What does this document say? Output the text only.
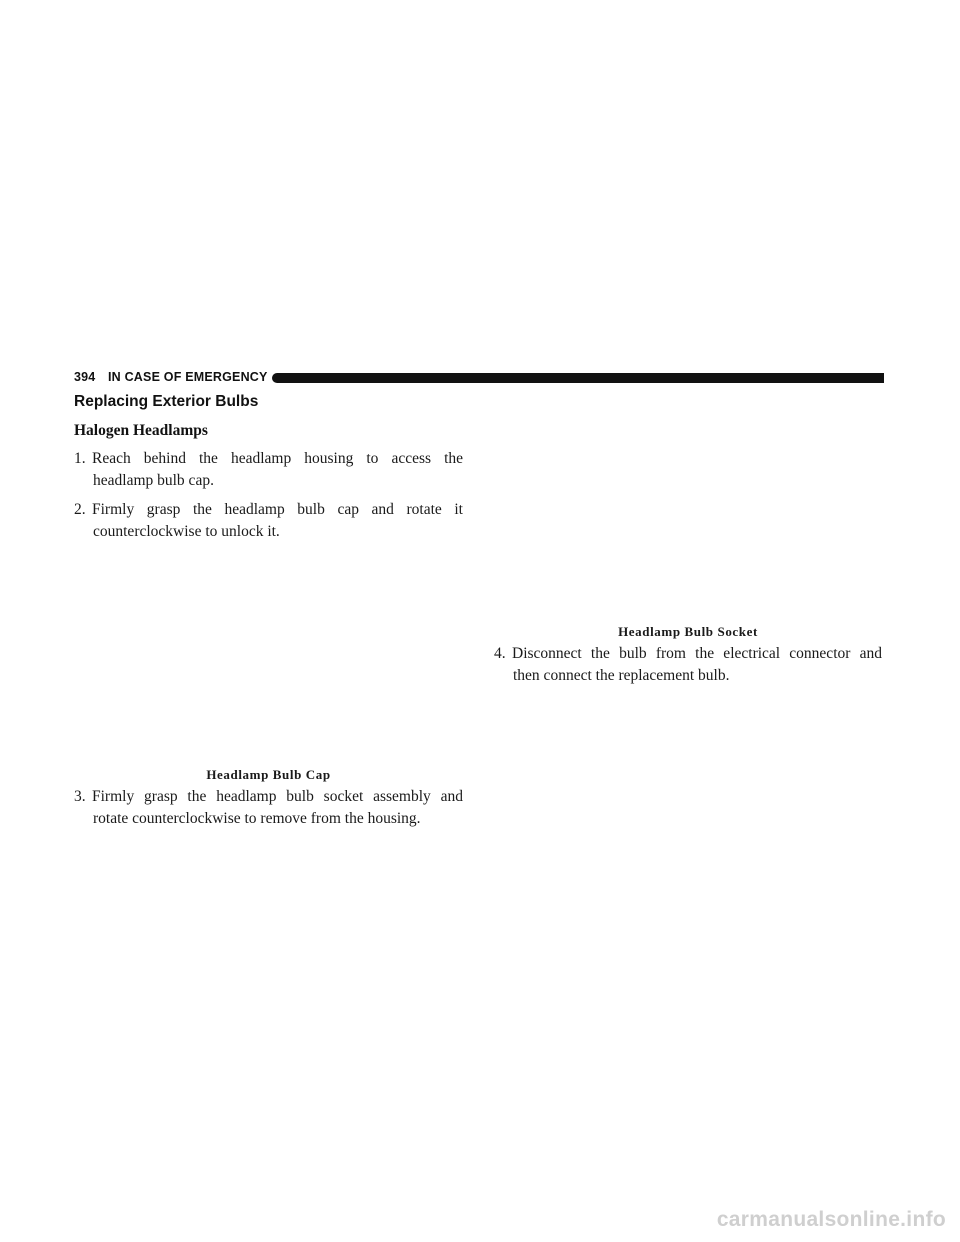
394 IN CASE OF EMERGENCY
Replacing Exterior Bulbs
Halogen Headlamps
1. Reach behind the headlamp housing to access the
headlamp bulb cap.
2. Firmly grasp the headlamp bulb cap and rotate it
counterclockwise to unlock it.
Headlamp Bulb Cap
3. Firmly grasp the headlamp bulb socket assembly and
rotate counterclockwise to remove from the housing.
Headlamp Bulb Socket
4. Disconnect the bulb from the electrical connector and
then connect the replacement bulb.
carmanualsonline.info
